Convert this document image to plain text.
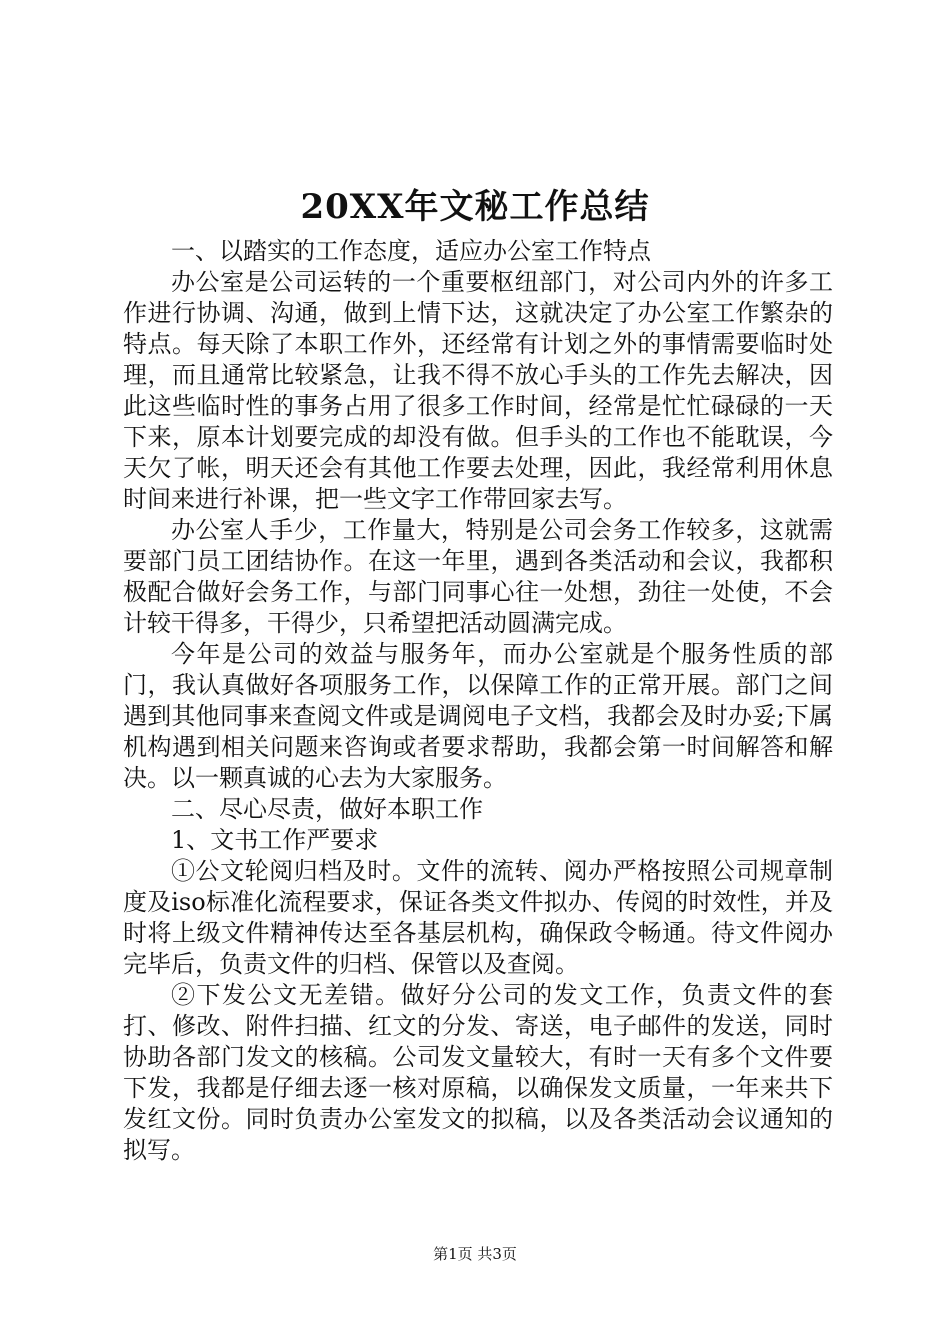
20XX年文秘工作总结

一、以踏实的工作态度，适应办公室工作特点

办公室是公司运转的一个重要枢纽部门，对公司内外的许多工作进行协调、沟通，做到上情下达，这就决定了办公室工作繁杂的特点。每天除了本职工作外，还经常有计划之外的事情需要临时处理，而且通常比较紧急，让我不得不放心手头的工作先去解决，因此这些临时性的事务占用了很多工作时间，经常是忙忙碌碌的一天下来，原本计划要完成的却没有做。但手头的工作也不能耽误，今天欠了帐，明天还会有其他工作要去处理，因此，我经常利用休息时间来进行补课，把一些文字工作带回家去写。

办公室人手少，工作量大，特别是公司会务工作较多，这就需要部门员工团结协作。在这一年里，遇到各类活动和会议，我都积极配合做好会务工作，与部门同事心往一处想，劲往一处使，不会计较干得多，干得少，只希望把活动圆满完成。

今年是公司的效益与服务年，而办公室就是个服务性质的部门，我认真做好各项服务工作，以保障工作的正常开展。部门之间遇到其他同事来查阅文件或是调阅电子文档，我都会及时办妥;下属机构遇到相关问题来咨询或者要求帮助，我都会第一时间解答和解决。以一颗真诚的心去为大家服务。

二、尽心尽责，做好本职工作

1、文书工作严要求

①公文轮阅归档及时。文件的流转、阅办严格按照公司规章制度及iso标准化流程要求，保证各类文件拟办、传阅的时效性，并及时将上级文件精神传达至各基层机构，确保政令畅通。待文件阅办完毕后，负责文件的归档、保管以及查阅。

②下发公文无差错。做好分公司的发文工作，负责文件的套打、修改、附件扫描、红文的分发、寄送，电子邮件的发送，同时协助各部门发文的核稿。公司发文量较大，有时一天有多个文件要下发，我都是仔细去逐一核对原稿，以确保发文质量，一年来共下发红文份。同时负责办公室发文的拟稿，以及各类活动会议通知的拟写。

第1页 共3页
